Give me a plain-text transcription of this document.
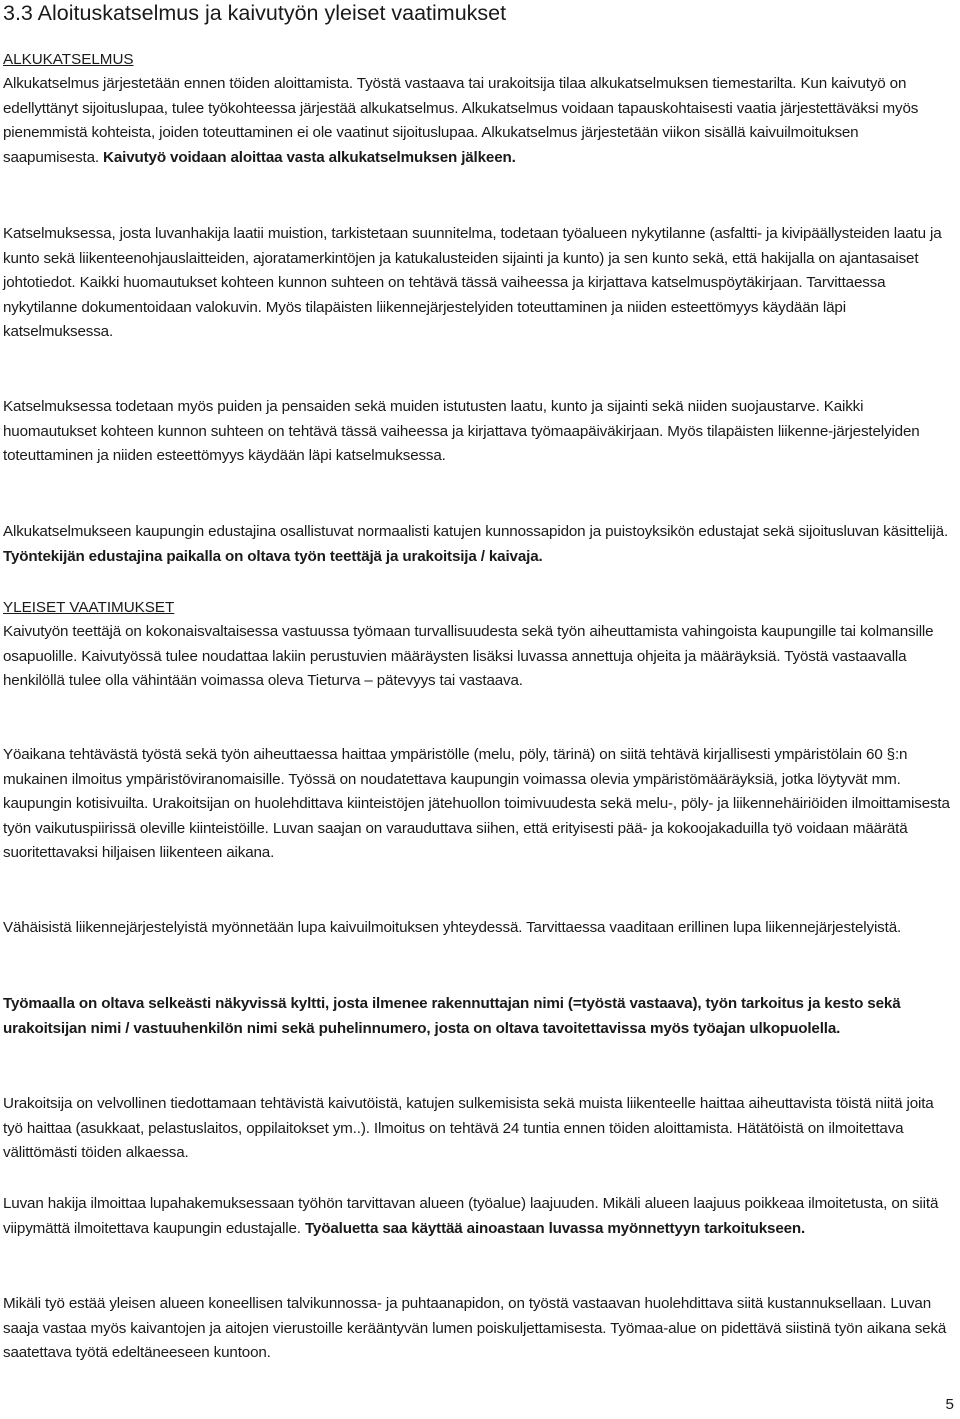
3.3 Aloituskatselmus ja kaivutyön yleiset vaatimukset
ALKUKATSELMUS

Alkukatselmus järjestetään ennen töiden aloittamista. Työstä vastaava tai urakoitsija tilaa alkukatselmuksen tiemestarilta. Kun kaivutyö on edellyttänyt sijoituslupaa, tulee työkohteessa järjestää alkukatselmus. Alkukatselmus voidaan tapauskohtaisesti vaatia järjestettäväksi myös pienemmistä kohteista, joiden toteuttaminen ei ole vaatinut sijoituslupaa. Alkukatselmus järjestetään viikon sisällä kaivuilmoituksen saapumisesta. Kaivutyö voidaan aloittaa vasta alkukatselmuksen jälkeen.

Katselmuksessa, josta luvanhakija laatii muistion, tarkistetaan suunnitelma, todetaan työalueen nykytilanne (asfaltti- ja kivipäällysteiden laatu ja kunto sekä liikenteenohjauslaitteiden, ajoratamerkintöjen ja katukalusteiden sijainti ja kunto) ja sen kunto sekä, että hakijalla on ajantasaiset johtotiedot. Kaikki huomautukset kohteen kunnon suhteen on tehtävä tässä vaiheessa ja kirjattava katselmuspöytäkirjaan. Tarvittaessa nykytilanne dokumentoidaan valokuvin. Myös tilapäisten liikennejärjestelyiden toteuttaminen ja niiden esteettömyys käydään läpi katselmuksessa.

Katselmuksessa todetaan myös puiden ja pensaiden sekä muiden istutusten laatu, kunto ja sijainti sekä niiden suojaustarve. Kaikki huomautukset kohteen kunnon suhteen on tehtävä tässä vaiheessa ja kirjattava työmaapäiväkirjaan. Myös tilapäisten liikenne-järjestelyiden toteuttaminen ja niiden esteettömyys käydään läpi katselmuksessa.

Alkukatselmukseen kaupungin edustajina osallistuvat normaalisti katujen kunnossapidon ja puistoyksikön edustajat sekä sijoitusluvan käsittelijä. Työntekijän edustajina paikalla on oltava työn teettäjä ja urakoitsija / kaivaja.

YLEISET VAATIMUKSET

Kaivutyön teettäjä on kokonaisvaltaisessa vastuussa työmaan turvallisuudesta sekä työn aiheuttamista vahingoista kaupungille tai kolmansille osapuolille. Kaivutyössä tulee noudattaa lakiin perustuvien määräysten lisäksi luvassa annettuja ohjeita ja määräyksiä. Työstä vastaavalla henkilöllä tulee olla vähintään voimassa oleva Tieturva – pätevyys tai vastaava.

Yöaikana tehtävästä työstä sekä työn aiheuttaessa haittaa ympäristölle (melu, pöly, tärinä) on siitä tehtävä kirjallisesti ympäristölain 60 §:n mukainen ilmoitus ympäristöviranomaisille. Työssä on noudatettava kaupungin voimassa olevia ympäristömääräyksiä, jotka löytyvät mm. kaupungin kotisivuilta. Urakoitsijan on huolehdittava kiinteistöjen jätehuollon toimivuudesta sekä melu-, pöly- ja liikennehäiriöiden ilmoittamisesta työn vaikutuspiirissä oleville kiinteistöille. Luvan saajan on varauduttava siihen, että erityisesti pää- ja kokoojakaduilla työ voidaan määrätä suoritettavaksi hiljaisen liikenteen aikana.

Vähäisistä liikennejärjestelyistä myönnetään lupa kaivuilmoituksen yhteydessä. Tarvittaessa vaaditaan erillinen lupa liikennejärjestelyistä.

Työmaalla on oltava selkeästi näkyvissä kyltti, josta ilmenee rakennuttajan nimi (=työstä vastaava), työn tarkoitus ja kesto sekä urakoitsijan nimi / vastuuhenkilön nimi sekä puhelinnumero, josta on oltava tavoitettavissa myös työajan ulkopuolella.

Urakoitsija on velvollinen tiedottamaan tehtävistä kaivutöistä, katujen sulkemisista sekä muista liikenteelle haittaa aiheuttavista töistä niitä joita työ haittaa (asukkaat, pelastuslaitos, oppilaitokset ym..). Ilmoitus on tehtävä 24 tuntia ennen töiden aloittamista. Hätätöistä on ilmoitettava välittömästi töiden alkaessa.

Luvan hakija ilmoittaa lupahakemuksessaan työhön tarvittavan alueen (työalue) laajuuden. Mikäli alueen laajuus poikkeaa ilmoitetusta, on siitä viipymättä ilmoitettava kaupungin edustajalle. Työaluetta saa käyttää ainoastaan luvassa myönnettyyn tarkoitukseen.

Mikäli työ estää yleisen alueen koneellisen talvikunnossa- ja puhtaanapidon, on työstä vastaavan huolehdittava siitä kustannuksellaan. Luvan saaja vastaa myös kaivantojen ja aitojen vierustoille kerääntyvän lumen poiskuljettamisesta. Työmaa-alue on pidettävä siistinä työn aikana sekä saatettava työtä edeltäneeseen kuntoon.

5
